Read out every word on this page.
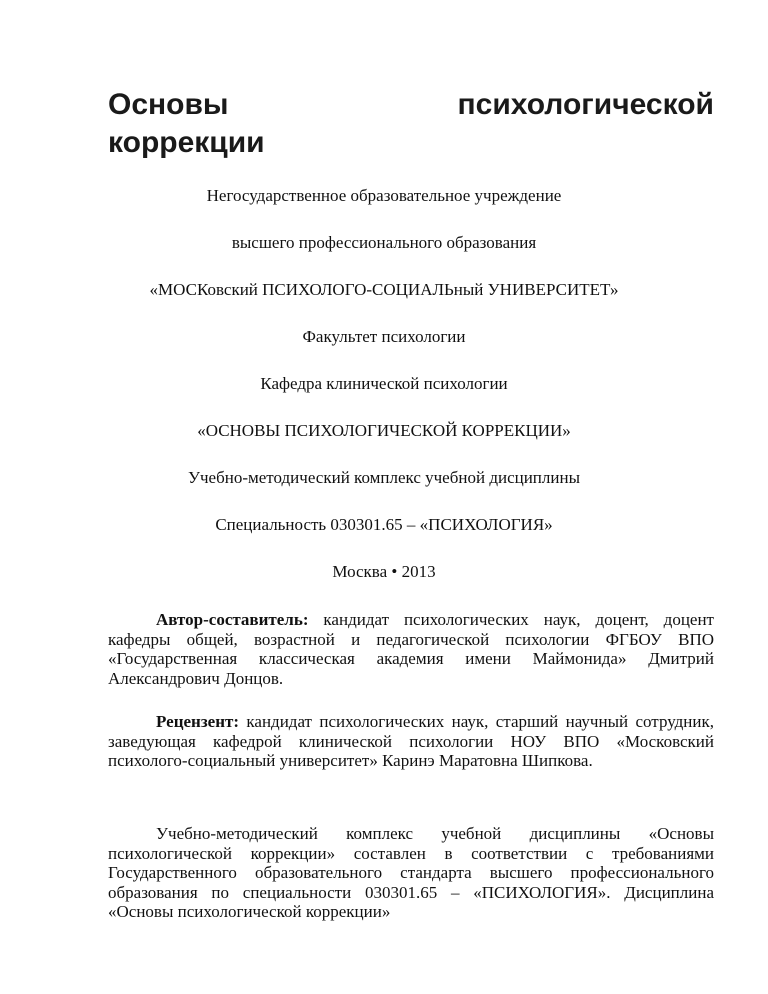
Основы	психологической
коррекции
Негосударственное образовательное учреждение
высшего профессионального образования
«МОСКовский ПСИХОЛОГО-СОЦИАЛЬный УНИВЕРСИТЕТ»
Факультет психологии
Кафедра клинической психологии
«ОСНОВЫ ПСИХОЛОГИЧЕСКОЙ КОРРЕКЦИИ»
Учебно-методический комплекс учебной дисциплины
Специальность 030301.65 – «ПСИХОЛОГИЯ»
Москва • 2013

Автор-составитель: кандидат психологических наук, доцент, доцент кафедры общей, возрастной и педагогической психологии ФГБОУ ВПО «Государственная классическая академия имени Маймонида» Дмитрий Александрович Донцов.

Рецензент: кандидат психологических наук, старший научный сотрудник, заведующая кафедрой клинической психологии НОУ ВПО «Московский психолого-социальный университет» Каринэ Маратовна Шипкова.

Учебно-методический комплекс учебной дисциплины «Основы психологической коррекции» составлен в соответствии с требованиями Государственного образовательного стандарта высшего профессионального образования по специальности 030301.65 – «ПСИХОЛОГИЯ». Дисциплина «Основы психологической коррекции»
